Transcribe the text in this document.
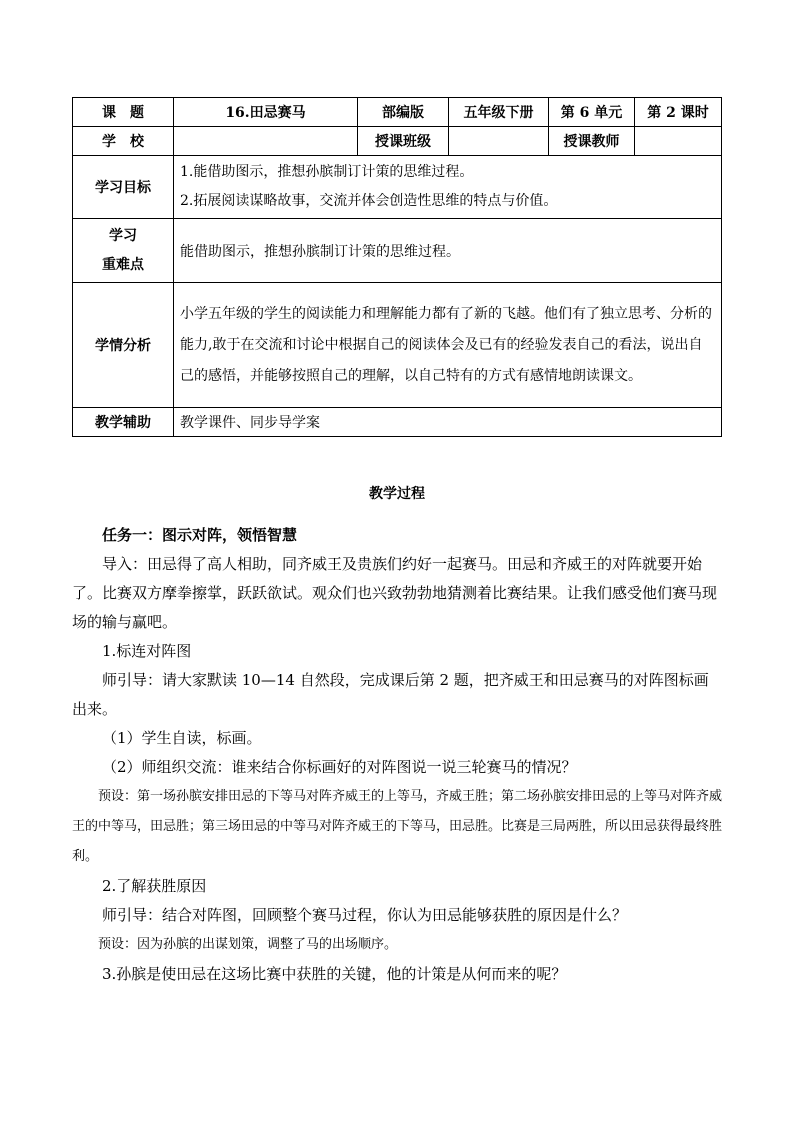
课　题	16.田忌赛马	部编版	五年级下册	第 6 单元	第 2 课时
学　校		授课班级		授课教师	
学习目标	1.能借助图示，推想孙膑制订计策的思维过程。
2.拓展阅读谋略故事，交流并体会创造性思维的特点与价值。				

学习
重难点	能借助图示，推想孙膑制订计策的思维过程。				
学情分析	小学五年级的学生的阅读能力和理解能力都有了新的飞越。他们有了独立思考、分析的能力,敢于在交流和讨论中根据自己的阅读体会及已有的经验发表自己的看法，说出自己的感悟，并能够按照自己的理解，以自己特有的方式有感情地朗读课文。				
教学辅助	教学课件、同步导学案				
教学过程

任务一：图示对阵，领悟智慧

导入：田忌得了高人相助，同齐威王及贵族们约好一起赛马。田忌和齐威王的对阵就要开始了。比赛双方摩拳擦掌，跃跃欲试。观众们也兴致勃勃地猜测着比赛结果。让我们感受他们赛马现场的输与赢吧。

1.标连对阵图

师引导：请大家默读 10—14 自然段，完成课后第 2 题，把齐威王和田忌赛马的对阵图标画出来。

（1）学生自读，标画。

（2）师组织交流：谁来结合你标画好的对阵图说一说三轮赛马的情况？

预设：第一场孙膑安排田忌的下等马对阵齐威王的上等马，齐威王胜；第二场孙膑安排田忌的上等马对阵齐威王的中等马，田忌胜；第三场田忌的中等马对阵齐威王的下等马，田忌胜。比赛是三局两胜，所以田忌获得最终胜利。

2.了解获胜原因

师引导：结合对阵图，回顾整个赛马过程，你认为田忌能够获胜的原因是什么？

预设：因为孙膑的出谋划策，调整了马的出场顺序。

3.孙膑是使田忌在这场比赛中获胜的关键，他的计策是从何而来的呢？
